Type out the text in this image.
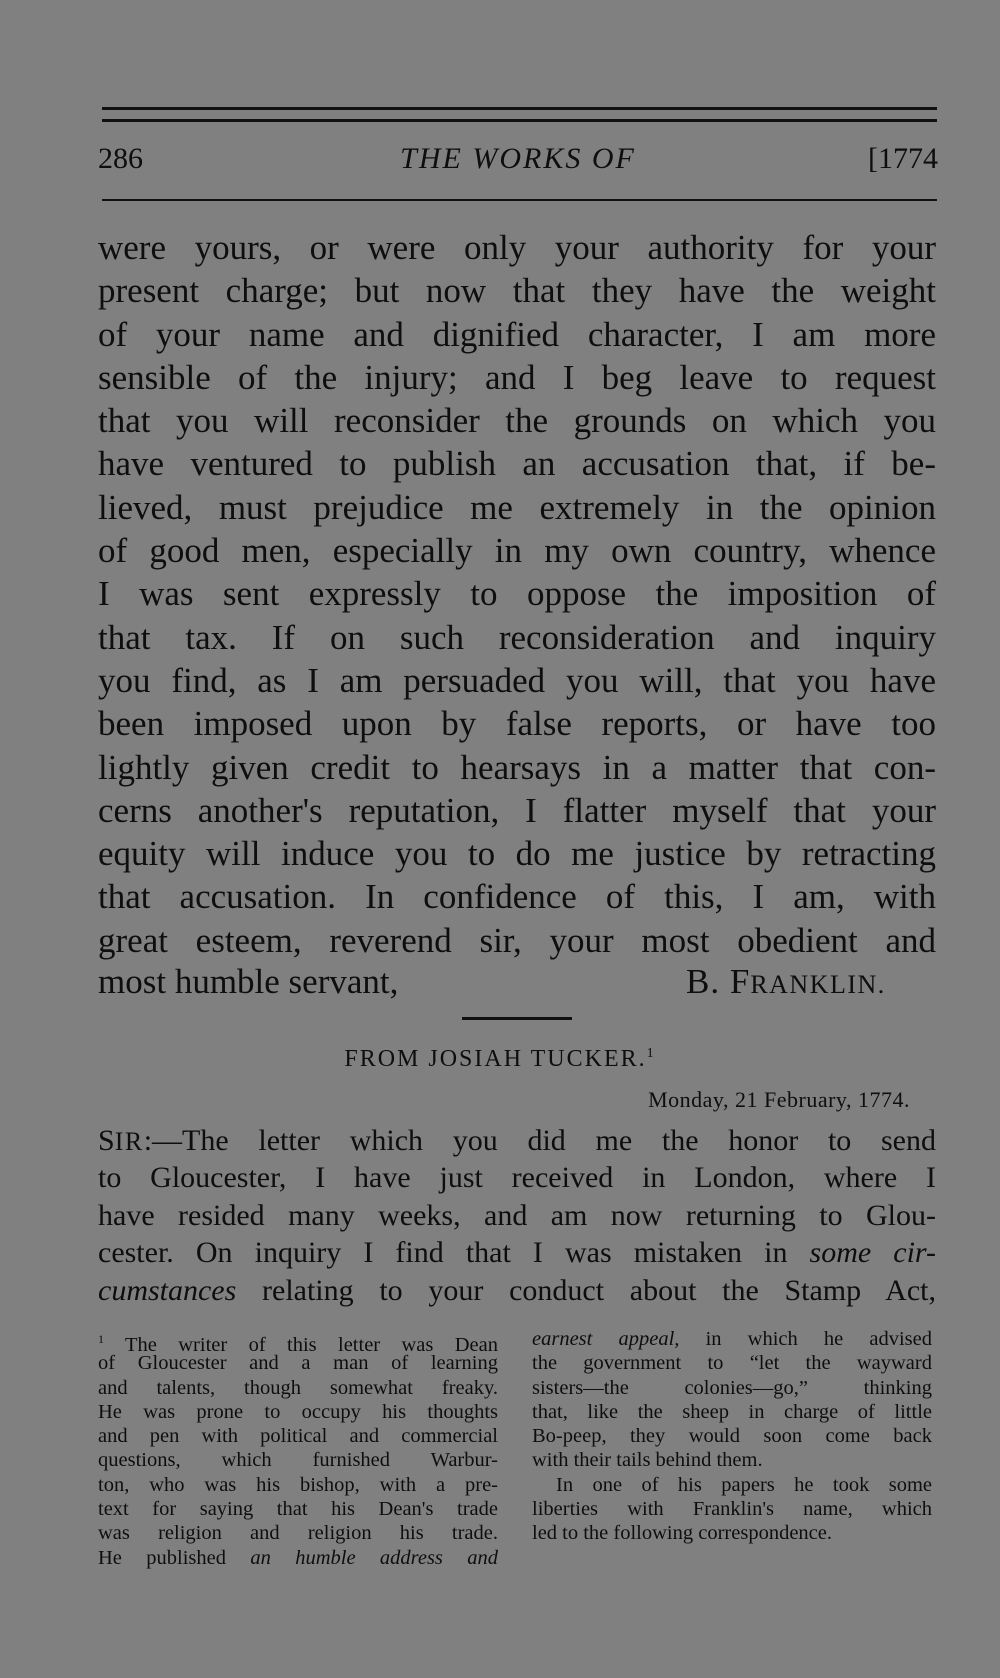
286	THE WORKS OF	[1774
were yours, or were only your authority for your
present charge; but now that they have the weight
of your name and dignified character, I am more
sensible of the injury; and I beg leave to request
that you will reconsider the grounds on which you
have ventured to publish an accusation that, if be-
lieved, must prejudice me extremely in the opinion
of good men, especially in my own country, whence
I was sent expressly to oppose the imposition of
that tax. If on such reconsideration and inquiry
you find, as I am persuaded you will, that you have
been imposed upon by false reports, or have too
lightly given credit to hearsays in a matter that con-
cerns another's reputation, I flatter myself that your
equity will induce you to do me justice by retracting
that accusation. In confidence of this, I am, with
great esteem, reverend sir, your most obedient and
most humble servant,	B. FRANKLIN.
FROM JOSIAH TUCKER.$^1$
Monday, 21 February, 1774.
SIR:—The letter which you did me the honor to send
to Gloucester, I have just received in London, where I
have resided many weeks, and am now returning to Glou-
cester. On inquiry I find that I was mistaken in some cir-
cumstances relating to your conduct about the Stamp Act,
$^1$ The writer of this letter was Dean
of Gloucester and a man of learning
and talents, though somewhat freaky.
He was prone to occupy his thoughts
and pen with political and commercial
questions, which furnished Warbur-
ton, who was his bishop, with a pre-
text for saying that his Dean's trade
was religion and religion his trade.
He published an humble address and
earnest appeal, in which he advised
the government to “let the wayward
sisters—the colonies—go,” thinking
that, like the sheep in charge of little
Bo-peep, they would soon come back
with their tails behind them.
In one of his papers he took some
liberties with Franklin's name, which
led to the following correspondence.
